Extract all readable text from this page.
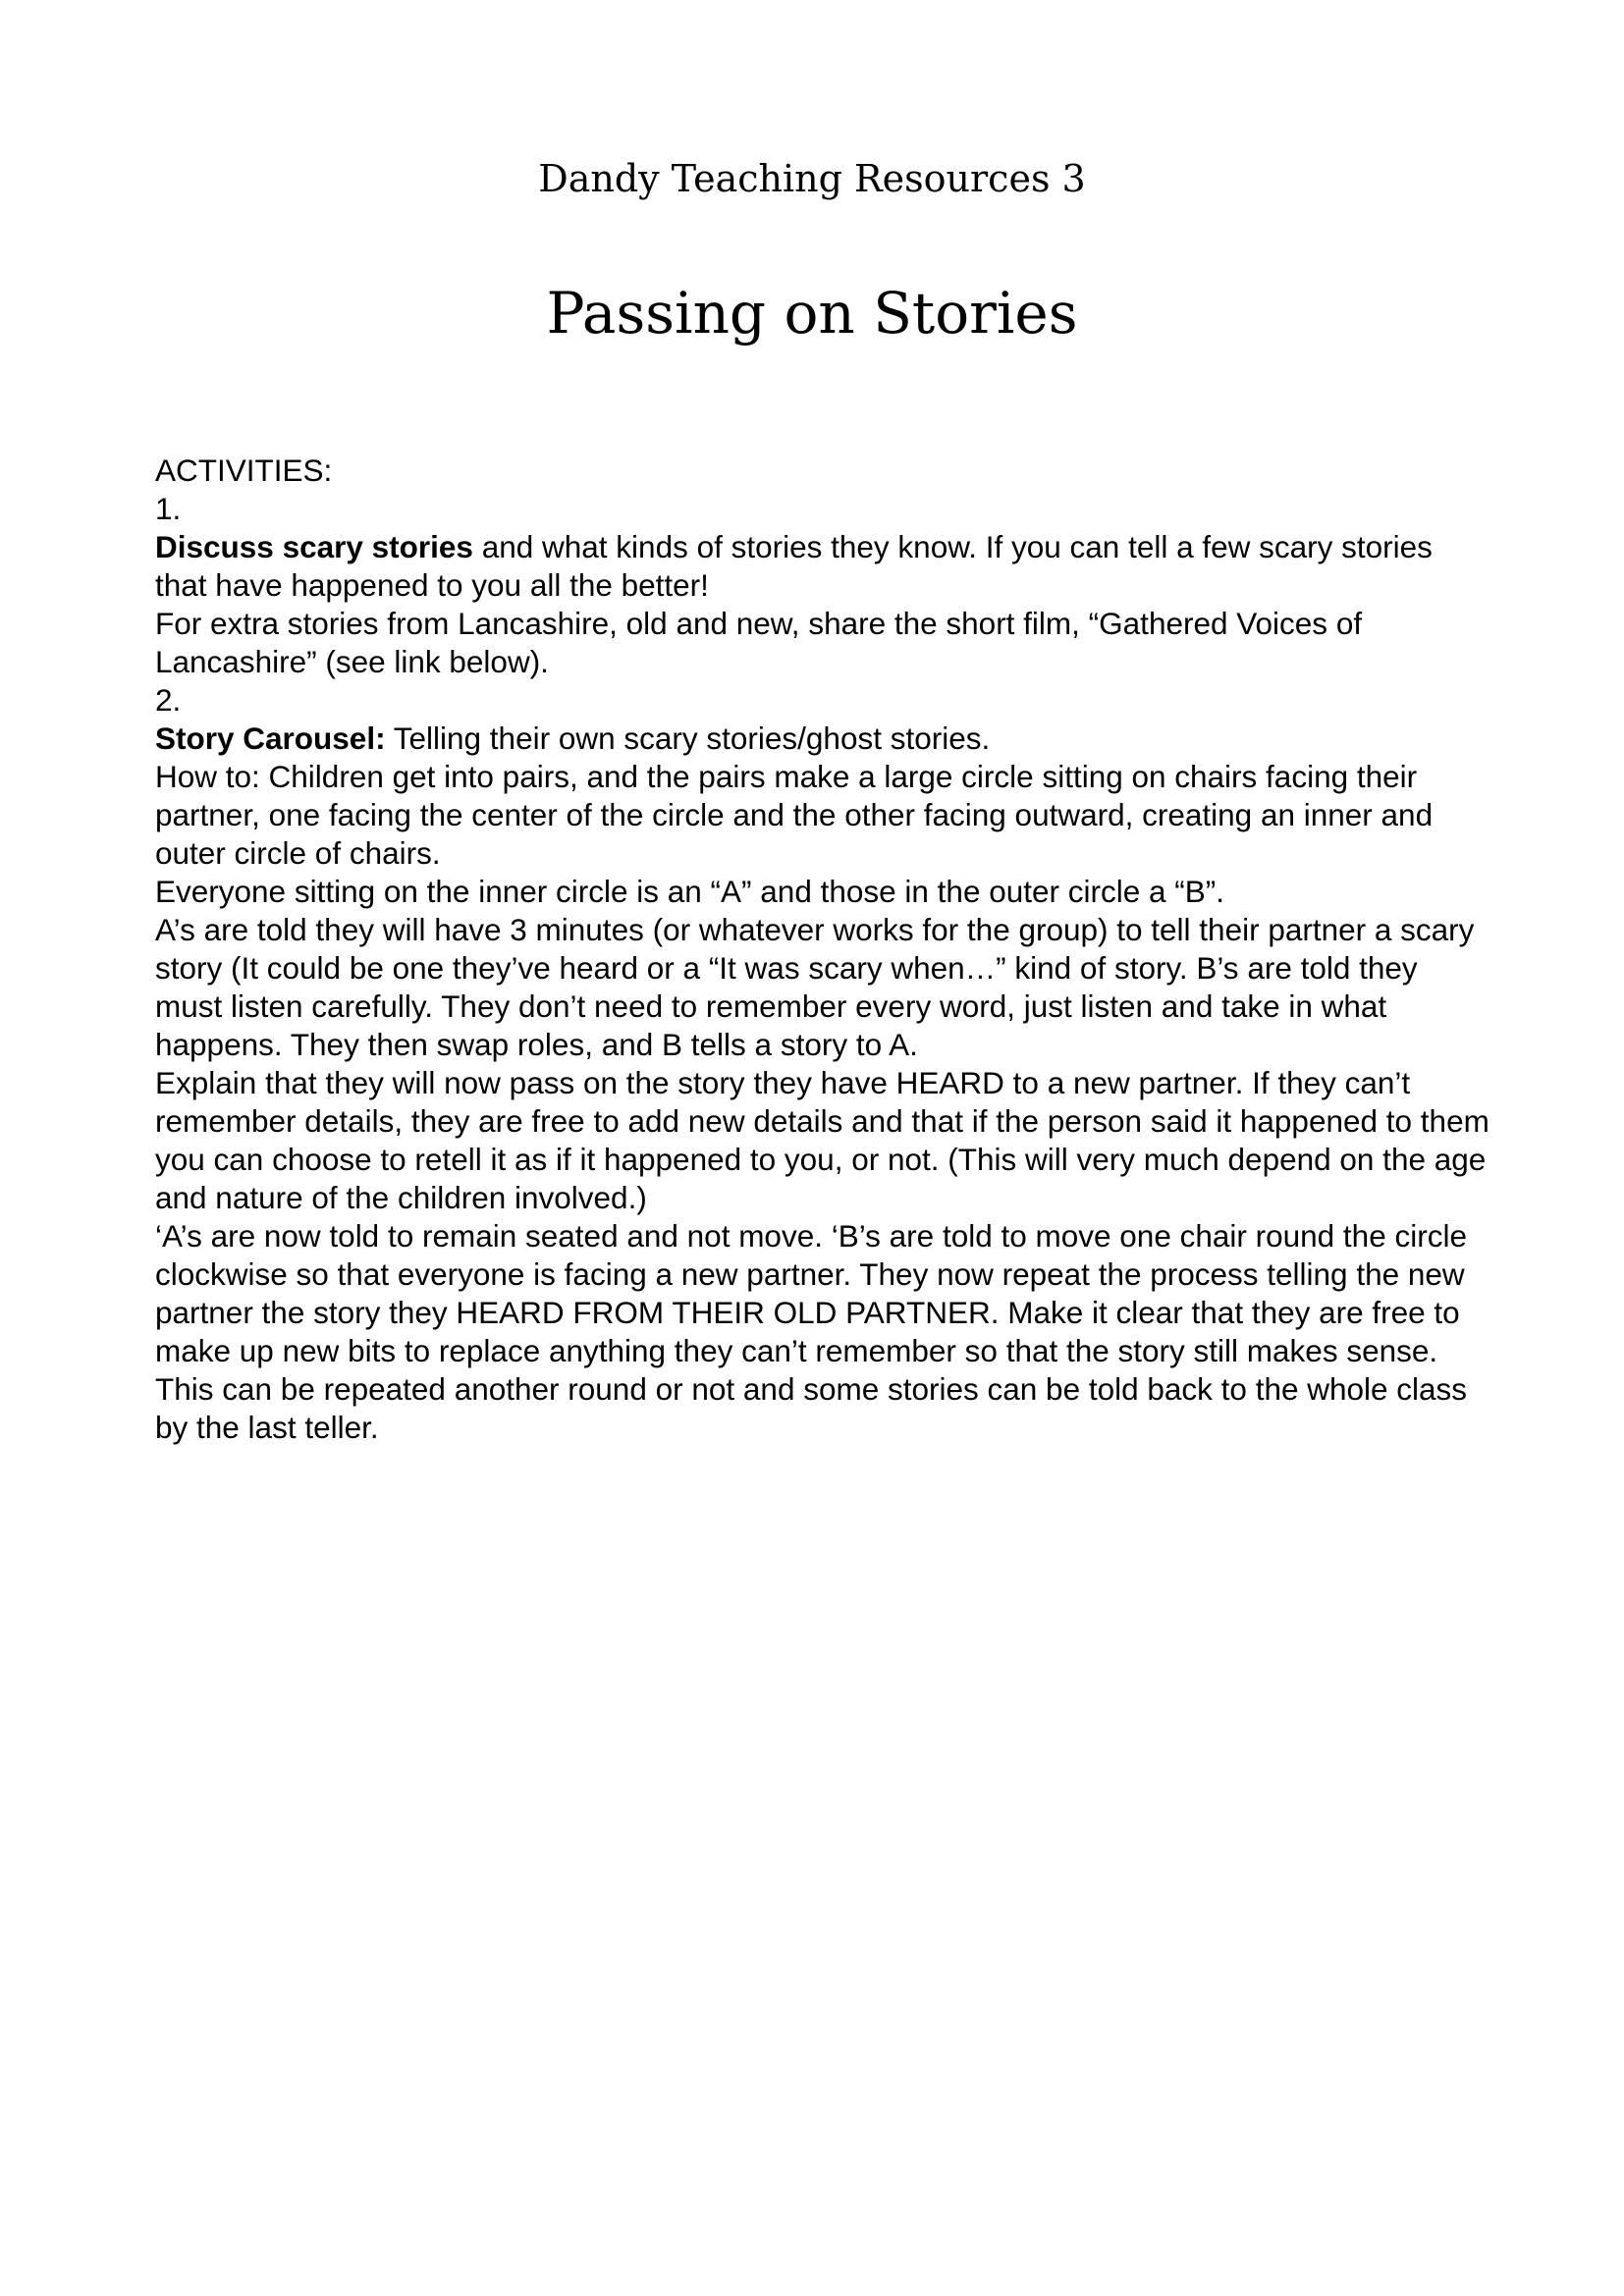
Dandy Teaching Resources 3
Passing on Stories

ACTIVITIES:

1.

Discuss scary stories and what kinds of stories they know. If you can tell a few scary stories that have happened to you all the better!

For extra stories from Lancashire, old and new, share the short film, “Gathered Voices of Lancashire” (see link below).

2.

Story Carousel: Telling their own scary stories/ghost stories.

How to: Children get into pairs, and the pairs make a large circle sitting on chairs facing their partner, one facing the center of the circle and the other facing outward, creating an inner and outer circle of chairs.

Everyone sitting on the inner circle is an “A” and those in the outer circle a “B”.

A’s are told they will have 3 minutes (or whatever works for the group) to tell their partner a scary story (It could be one they’ve heard or a “It was scary when…” kind of story. B’s are told they must listen carefully. They don’t need to remember every word, just listen and take in what happens. They then swap roles, and B tells a story to A.

Explain that they will now pass on the story they have HEARD to a new partner. If they can’t remember details, they are free to add new details and that if the person said it happened to them you can choose to retell it as if it happened to you, or not. (This will very much depend on the age and nature of the children involved.)

‘A’s are now told to remain seated and not move. ‘B’s are told to move one chair round the circle clockwise so that everyone is facing a new partner. They now repeat the process telling the new partner the story they HEARD FROM THEIR OLD PARTNER. Make it clear that they are free to make up new bits to replace anything they can’t remember so that the story still makes sense.

This can be repeated another round or not and some stories can be told back to the whole class by the last teller.
